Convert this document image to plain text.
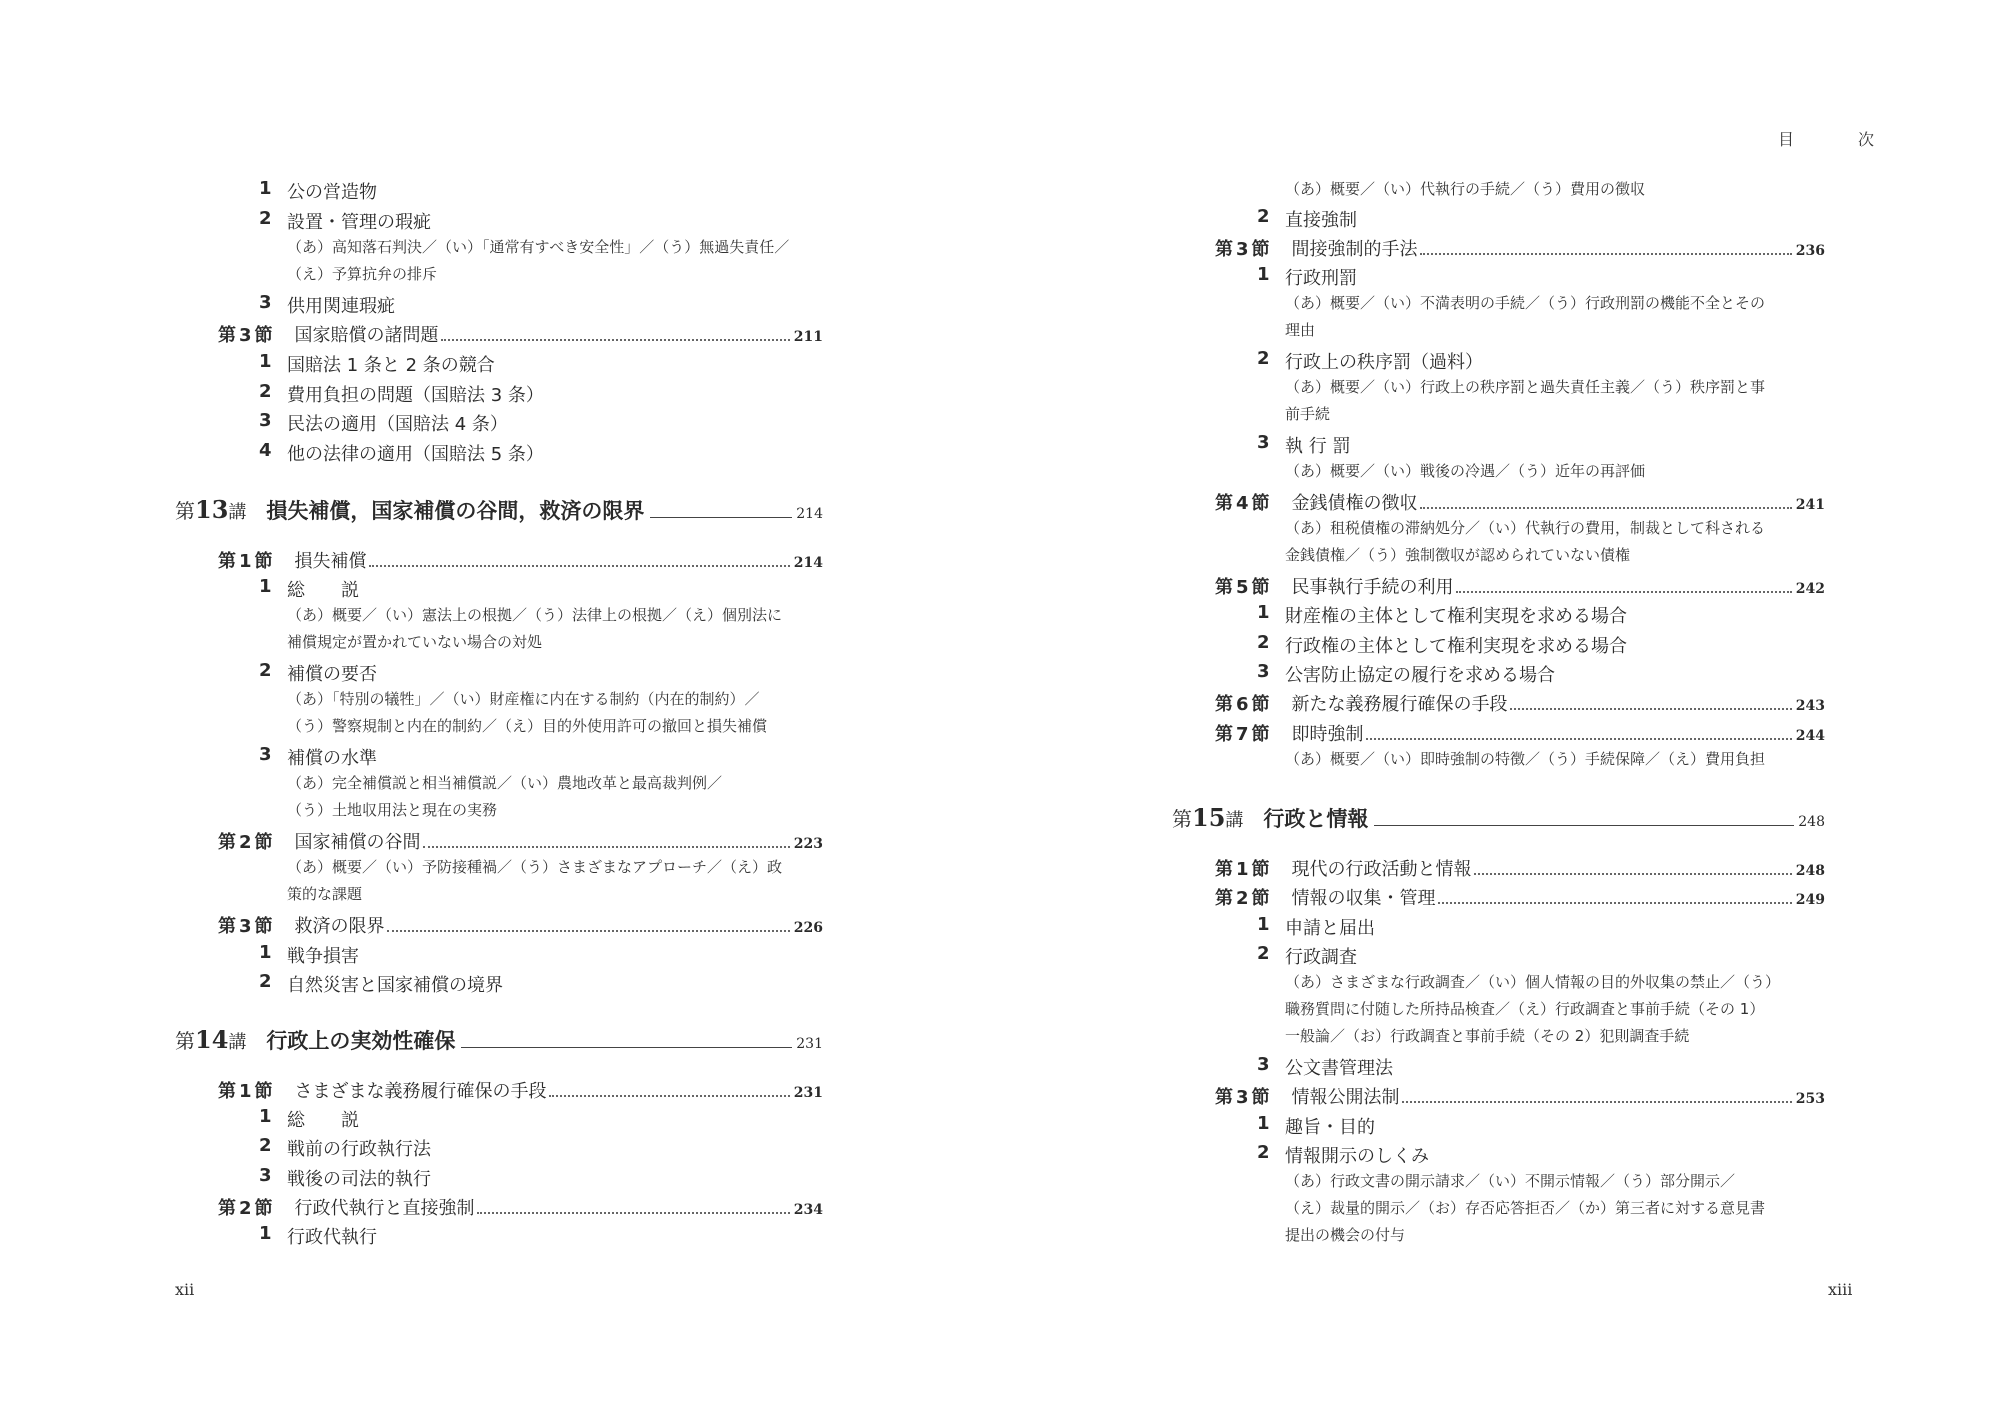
目　次
xii	xiii
1 公の営造物
2 設置・管理の瑕疵
（あ）高知落石判決／（い）「通常有すべき安全性」／（う）無過失責任／
（え）予算抗弁の排斥
3 供用関連瑕疵
第 3 節 国家賠償の諸問題	211
1 国賠法 1 条と 2 条の競合
2 費用負担の問題（国賠法 3 条）
3 民法の適用（国賠法 4 条）
4 他の法律の適用（国賠法 5 条）
第 13 講 損失補償，国家補償の谷間，救済の限界	214
第 1 節 損失補償	214
1 総　　説
（あ）概要／（い）憲法上の根拠／（う）法律上の根拠／（え）個別法に
補償規定が置かれていない場合の対処
2 補償の要否
（あ）「特別の犠牲」／（い）財産権に内在する制約（内在的制約）／
（う）警察規制と内在的制約／（え）目的外使用許可の撤回と損失補償
3 補償の水準
（あ）完全補償説と相当補償説／（い）農地改革と最高裁判例／
（う）土地収用法と現在の実務
第 2 節 国家補償の谷間	223
（あ）概要／（い）予防接種禍／（う）さまざまなアプローチ／（え）政
策的な課題
第 3 節 救済の限界	226
1 戦争損害
2 自然災害と国家補償の境界
第 14 講 行政上の実効性確保	231
第 1 節 さまざまな義務履行確保の手段	231
1 総　　説
2 戦前の行政執行法
3 戦後の司法的執行
第 2 節 行政代執行と直接強制	234
1 行政代執行
（あ）概要／（い）代執行の手続／（う）費用の徴収
2 直接強制
第 3 節 間接強制的手法	236
1 行政刑罰
（あ）概要／（い）不満表明の手続／（う）行政刑罰の機能不全とその
理由
2 行政上の秩序罰（過料）
（あ）概要／（い）行政上の秩序罰と過失責任主義／（う）秩序罰と事
前手続
3 執 行 罰
（あ）概要／（い）戦後の冷遇／（う）近年の再評価
第 4 節 金銭債権の徴収	241
（あ）租税債権の滞納処分／（い）代執行の費用，制裁として科される
金銭債権／（う）強制徴収が認められていない債権
第 5 節 民事執行手続の利用	242
1 財産権の主体として権利実現を求める場合
2 行政権の主体として権利実現を求める場合
3 公害防止協定の履行を求める場合
第 6 節 新たな義務履行確保の手段	243
第 7 節 即時強制	244
（あ）概要／（い）即時強制の特徴／（う）手続保障／（え）費用負担
第 15 講 行政と情報	248
第 1 節 現代の行政活動と情報	248
第 2 節 情報の収集・管理	249
1 申請と届出
2 行政調査
（あ）さまざまな行政調査／（い）個人情報の目的外収集の禁止／（う）
職務質問に付随した所持品検査／（え）行政調査と事前手続（その 1）
一般論／（お）行政調査と事前手続（その 2）犯則調査手続
3 公文書管理法
第 3 節 情報公開法制	253
1 趣旨・目的
2 情報開示のしくみ
（あ）行政文書の開示請求／（い）不開示情報／（う）部分開示／
（え）裁量的開示／（お）存否応答拒否／（か）第三者に対する意見書
提出の機会の付与
